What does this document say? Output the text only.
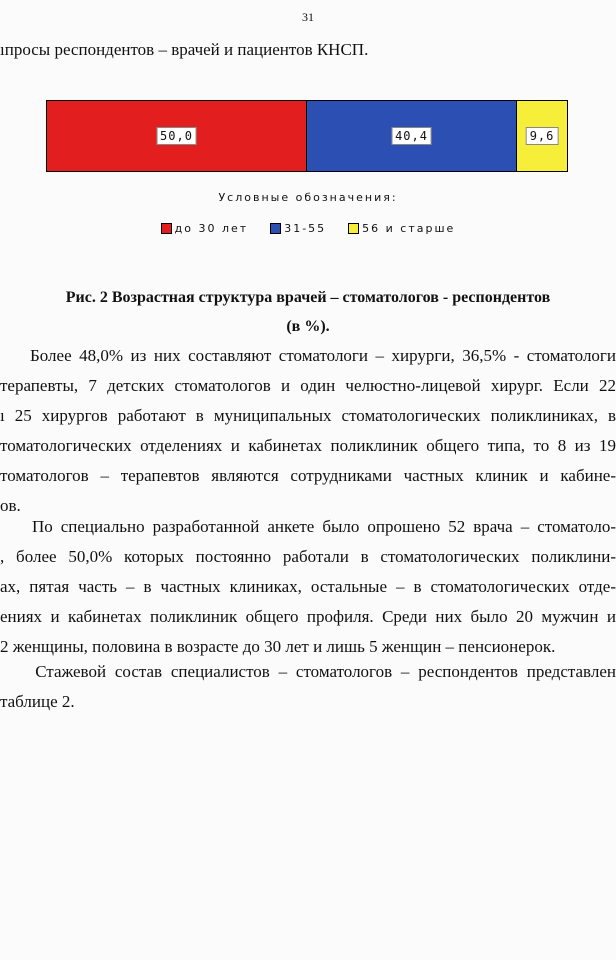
31
ıпросы респондентов – врачей и пациентов КНСП.
50,0	40,4	9,6
Условные обозначения:
до 30 лет	31-55	56 и старше
Рис. 2 Возрастная структура врачей – стоматологов - респондентов
(в %).
Более 48,0% из них составляют стоматологи – хирурги, 36,5% - стоматологи
терапевты, 7 детских стоматологов и один челюстно-лицевой хирург. Если 22
ı 25 хирургов работают в муниципальных стоматологических поликлиниках, в
томатологических отделениях и кабинетах поликлиник общего типа, то 8 из 19
томатологов – терапевтов являются сотрудниками частных клиник и кабине-
ов.
По специально разработанной анкете было опрошено 52 врача – стоматоло-
, более 50,0% которых постоянно работали в стоматологических поликлини-
ах, пятая часть – в частных клиниках, остальные – в стоматологических отде-
ениях и кабинетах поликлиник общего профиля. Среди них было 20 мужчин и
2 женщины, половина в возрасте до 30 лет и лишь 5 женщин – пенсионерок.
Стажевой состав специалистов – стоматологов – респондентов представлен
таблице 2.
